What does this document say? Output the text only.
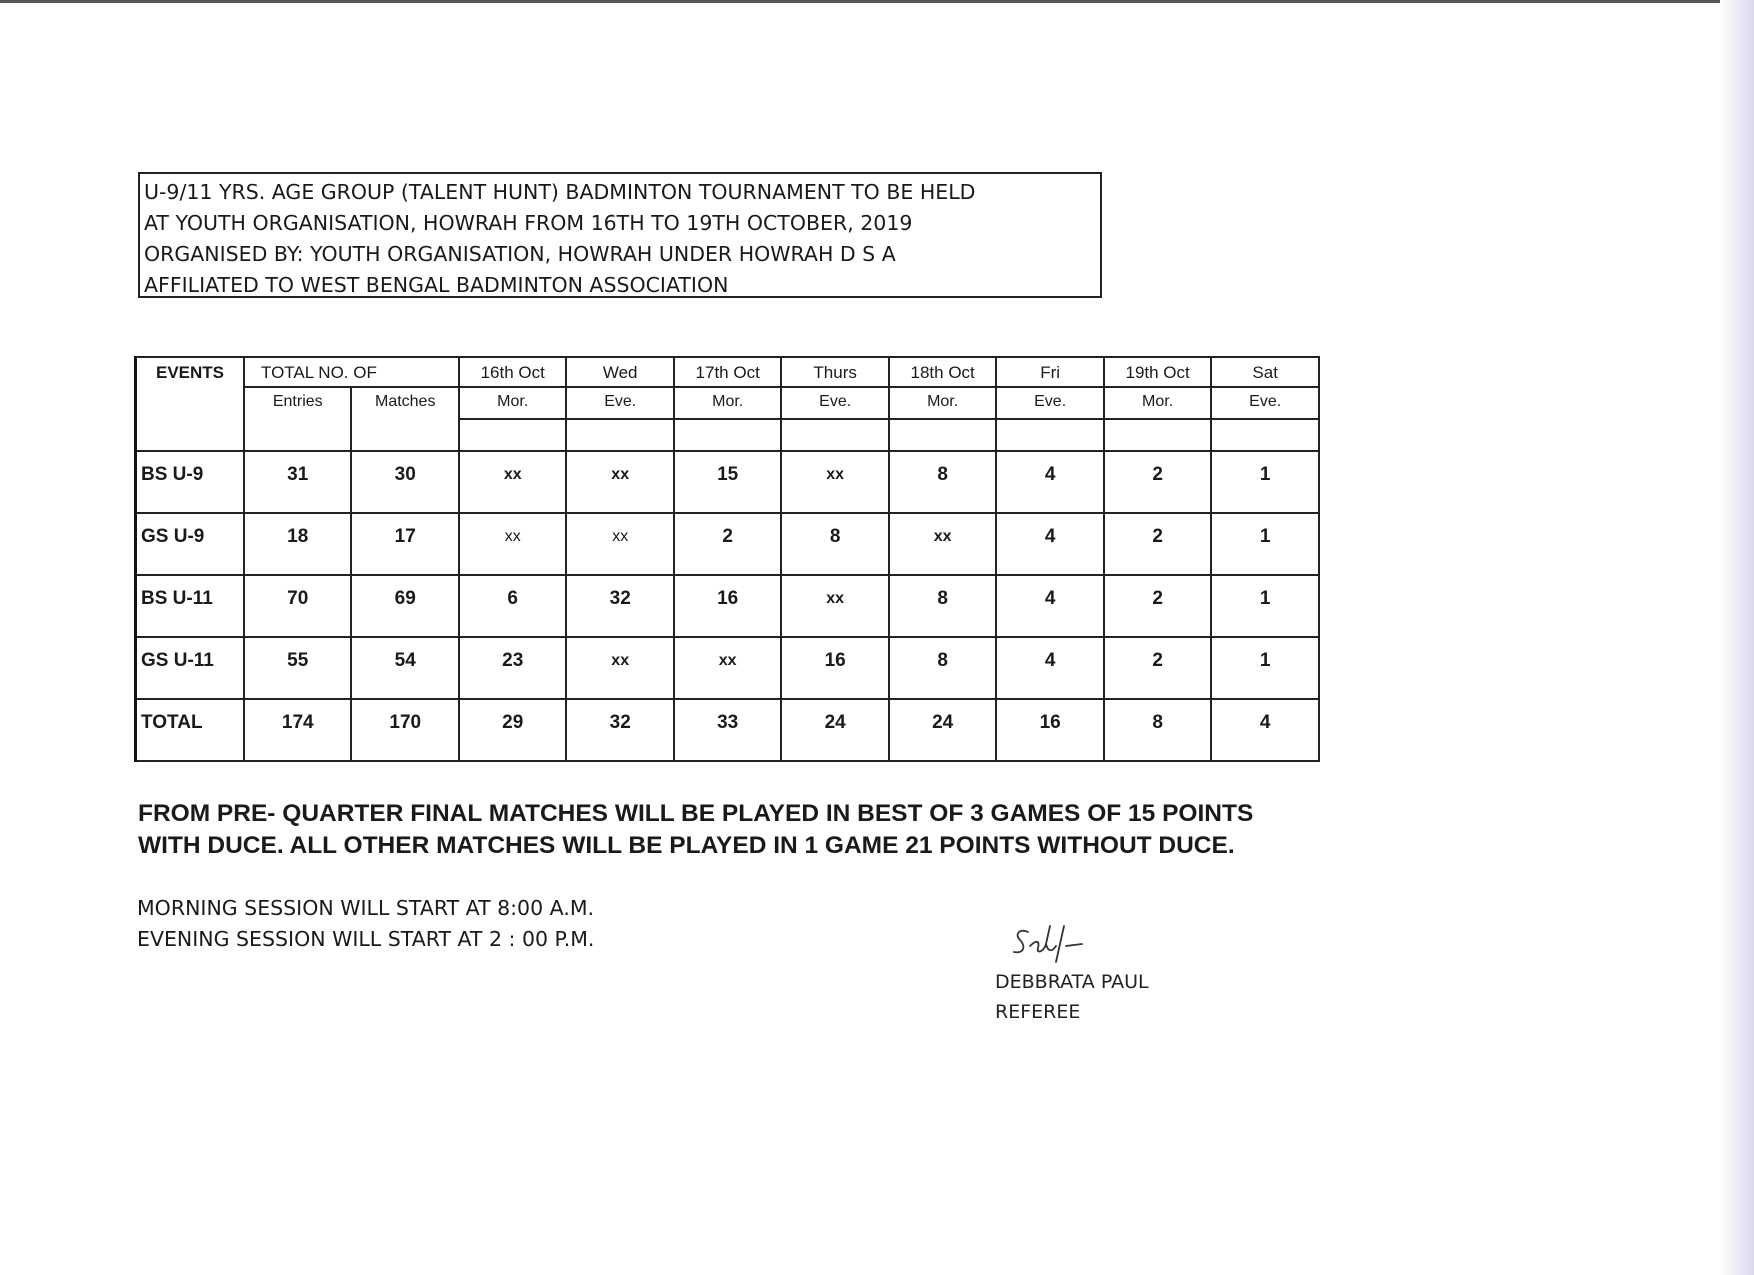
U-9/11 YRS. AGE GROUP (TALENT HUNT) BADMINTON TOURNAMENT TO BE HELD
AT YOUTH ORGANISATION, HOWRAH FROM 16TH TO 19TH OCTOBER, 2019
ORGANISED BY: YOUTH ORGANISATION, HOWRAH UNDER HOWRAH D S A
AFFILIATED TO WEST BENGAL BADMINTON ASSOCIATION
EVENTS	TOTAL NO. OF		16th Oct	Wed	17th Oct	Thurs	18th Oct	Fri	19th Oct	Sat
	Entries	Matches	Mor.	Eve.	Mor.	Eve.	Mor.	Eve.	Mor.	Eve.

BS U-9	31	30	xx	xx	15	xx	8	4	2	1
GS U-9	18	17	xx	xx	2	8	xx	4	2	1
BS U-11	70	69	6	32	16	xx	8	4	2	1
GS U-11	55	54	23	xx	xx	16	8	4	2	1
TOTAL	174	170	29	32	33	24	24	16	8	4
FROM PRE- QUARTER FINAL MATCHES WILL BE PLAYED IN BEST OF 3 GAMES OF 15 POINTS
WITH DUCE. ALL OTHER MATCHES WILL BE PLAYED IN 1 GAME 21 POINTS WITHOUT DUCE.
MORNING SESSION WILL START AT 8:00 A.M.
EVENING SESSION WILL START AT 2 : 00 P.M.
DEBBRATA PAUL
REFEREE
